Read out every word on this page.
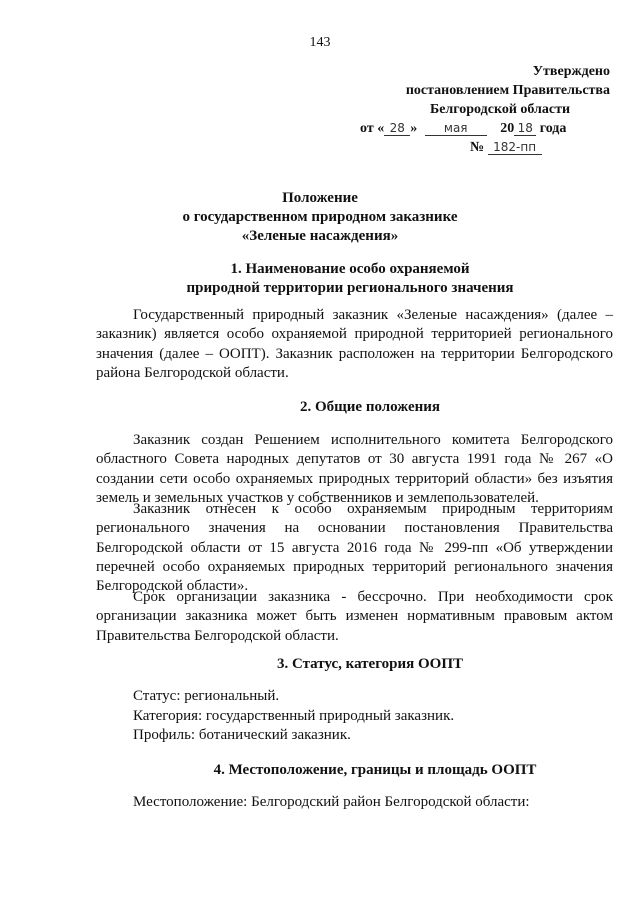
143
Утверждено
постановлением Правительства
Белгородской области
от « 28 » мая 20 18 года
№ 182-пп
Положение
о государственном природном заказнике
«Зеленые насаждения»
1. Наименование особо охраняемой
природной территории регионального значения
Государственный природный заказник «Зеленые насаждения» (далее – заказник) является особо охраняемой природной территорией регионального значения (далее – ООПТ). Заказник расположен на территории Белгородского района Белгородской области.
2. Общие положения
Заказник создан Решением исполнительного комитета Белгородского областного Совета народных депутатов от 30 августа 1991 года № 267 «О создании сети особо охраняемых природных территорий области» без изъятия земель и земельных участков у собственников и землепользователей.
Заказник отнесен к особо охраняемым природным территориям регионального значения на основании постановления Правительства Белгородской области от 15 августа 2016 года № 299-пп «Об утверждении перечней особо охраняемых природных территорий регионального значения Белгородской области».
Срок организации заказника - бессрочно. При необходимости срок организации заказника может быть изменен нормативным правовым актом Правительства Белгородской области.
3. Статус, категория ООПТ
Статус: региональный.
Категория: государственный природный заказник.
Профиль: ботанический заказник.
4. Местоположение, границы и площадь ООПТ
Местоположение: Белгородский район Белгородской области:
